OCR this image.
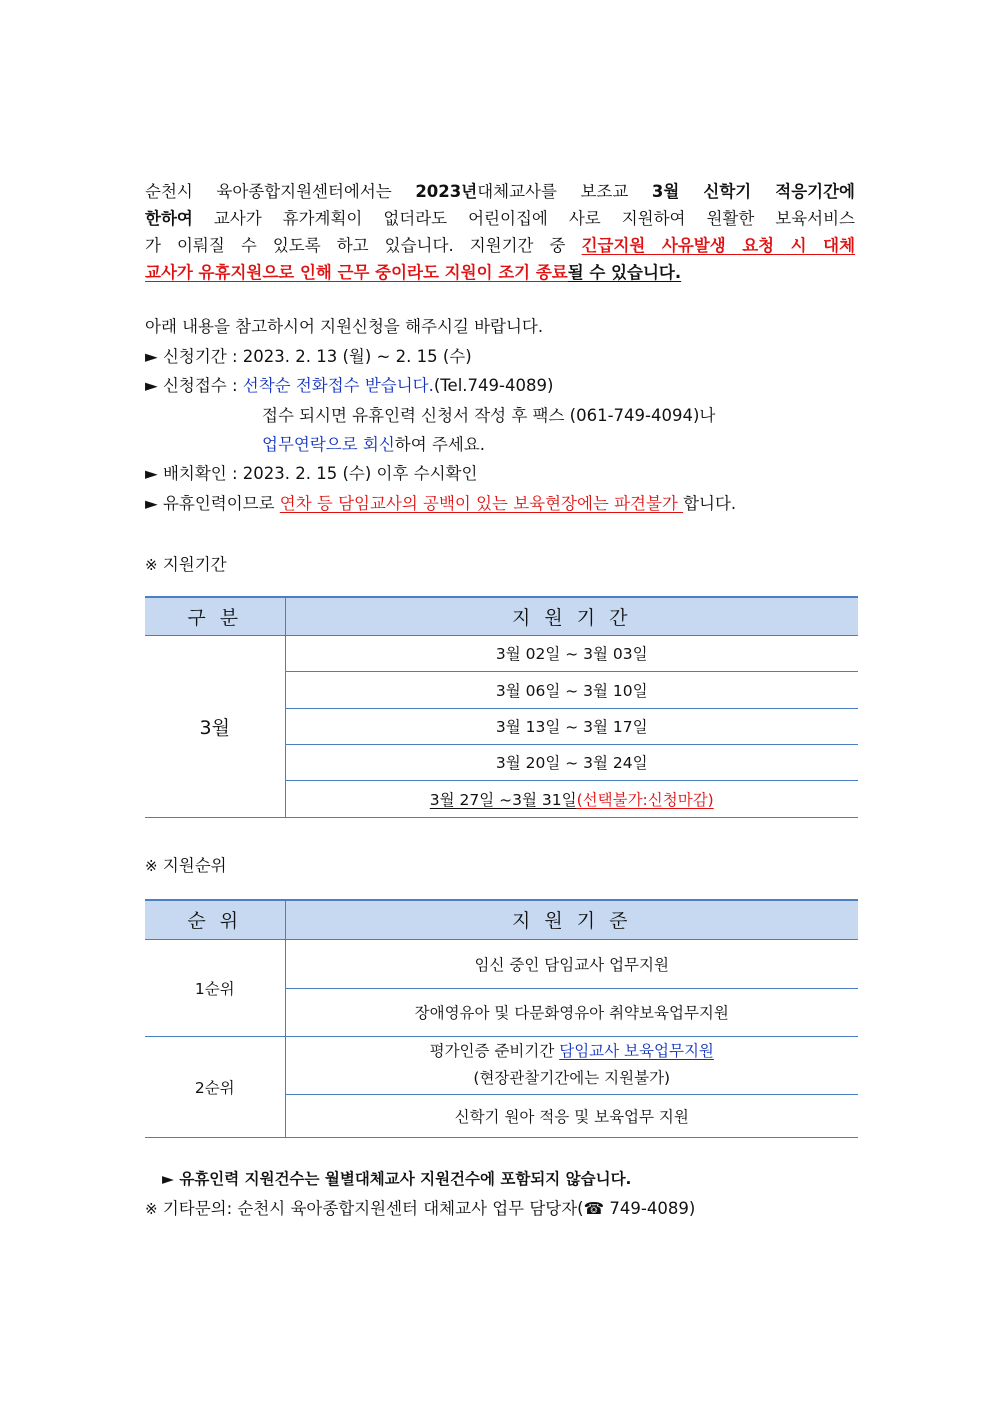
순천시 육아종합지원센터에서는 2023년대체교사를 보조교 3월 신학기 적응기간에
한하여 교사가 휴가계획이 없더라도 어린이집에 사로 지원하여 원활한 보육서비스
가 이뤄질 수 있도록 하고 있습니다. 지원기간 중 긴급지원 사유발생 요청 시 대체
교사가 유휴지원으로 인해 근무 중이라도 지원이 조기 종료될 수 있습니다.
아래 내용을 참고하시어 지원신청을 해주시길 바랍니다.
► 신청기간 : 2023. 2. 13 (월) ~ 2. 15 (수)
► 신청접수 : 선착순 전화접수 받습니다.(Tel.749-4089)
접수 되시면 유휴인력 신청서 작성 후 팩스 (061-749-4094)나
업무연락으로 회신하여 주세요.
► 배치확인 : 2023. 2. 15 (수) 이후 수시확인
► 유휴인력이므로 연차 등 담임교사의 공백이 있는 보육현장에는 파견불가 합니다.
※ 지원기간
구 분	지 원 기 간
3월	3월 02일 ~ 3월 03일
	3월 06일 ~ 3월 10일
	3월 13일 ~ 3월 17일
	3월 20일 ~ 3월 24일
	3월 27일 ~3월 31일(선택불가:신청마감)
※ 지원순위
순 위	지 원 기 준
1순위	임신 중인 담임교사 업무지원
	장애영유아 및 다문화영유아 취약보육업무지원
2순위	평가인증 준비기간 담임교사 보육업무지원
(현장관찰기간에는 지원불가)

	신학기 원아 적응 및 보육업무 지원
► 유휴인력 지원건수는 월별대체교사 지원건수에 포함되지 않습니다.
※ 기타문의: 순천시 육아종합지원센터 대체교사 업무 담당자(☎ 749-4089)
